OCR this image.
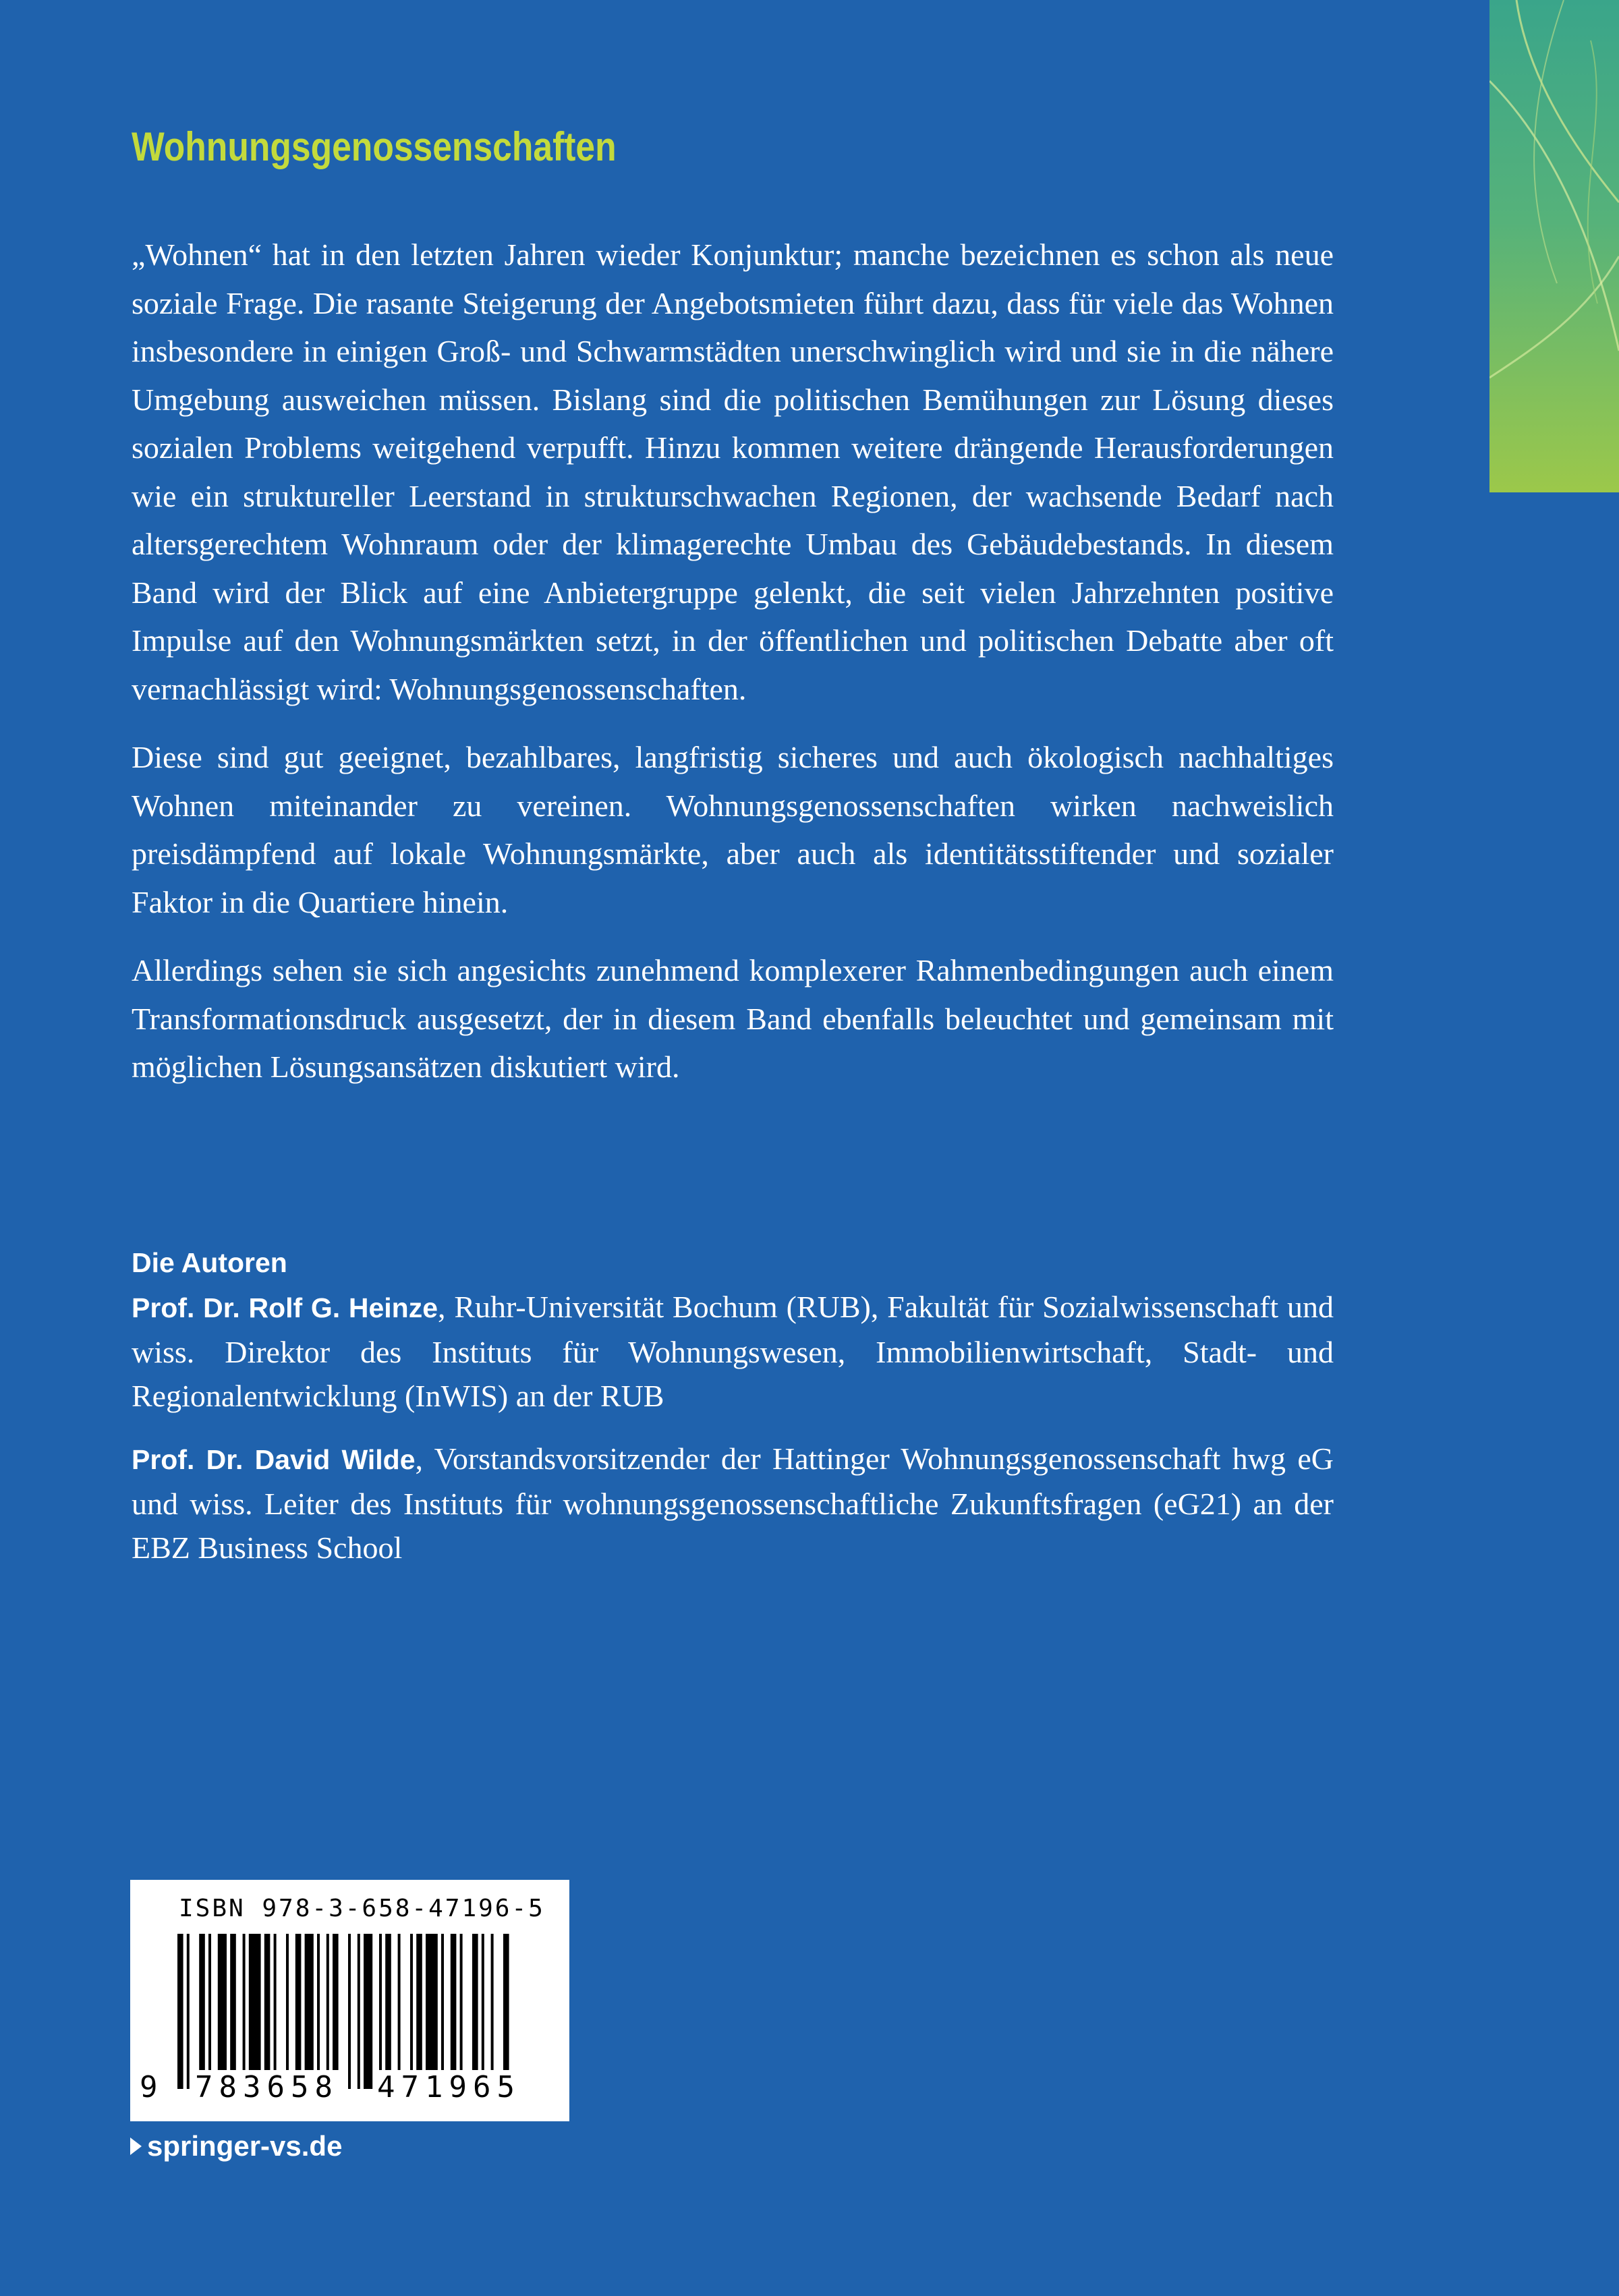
Wohnungsgenossenschaften

„Wohnen“ hat in den letzten Jahren wieder Konjunktur; manche bezeichnen es schon als neue soziale Frage. Die rasante Steigerung der Angebotsmieten führt dazu, dass für viele das Wohnen insbesondere in einigen Groß- und Schwarmstädten unerschwinglich wird und sie in die nähere Umgebung ausweichen müssen. Bislang sind die politischen Bemühungen zur Lösung dieses sozialen Problems weitgehend verpufft. Hinzu kommen weitere drängende Herausforderungen wie ein struktureller Leerstand in strukturschwachen Regionen, der wachsende Bedarf nach altersgerechtem Wohnraum oder der klimagerechte Umbau des Gebäudebestands. In diesem Band wird der Blick auf eine Anbietergruppe gelenkt, die seit vielen Jahrzehnten positive Impulse auf den Wohnungsmärkten setzt, in der öffentlichen und politischen Debatte aber oft vernachlässigt wird: Wohnungsgenossenschaften.

Diese sind gut geeignet, bezahlbares, langfristig sicheres und auch ökologisch nachhaltiges Wohnen miteinander zu vereinen. Wohnungsgenossenschaften wirken nachweislich preisdämpfend auf lokale Wohnungsmärkte, aber auch als identitätsstiftender und sozialer Faktor in die Quartiere hinein.

Allerdings sehen sie sich angesichts zunehmend komplexerer Rahmenbedingungen auch einem Transformationsdruck ausgesetzt, der in diesem Band ebenfalls beleuchtet und gemeinsam mit möglichen Lösungsansätzen diskutiert wird.

Die Autoren

Prof. Dr. Rolf G. Heinze, Ruhr-Universität Bochum (RUB), Fakultät für Sozialwissenschaft und wiss. Direktor des Instituts für Wohnungswesen, Immobilienwirtschaft, Stadt- und Regionalentwicklung (InWIS) an der RUB

Prof. Dr. David Wilde, Vorstandsvorsitzender der Hattinger Wohnungsgenossenschaft hwg eG und wiss. Leiter des Instituts für wohnungsgenossenschaftliche Zukunftsfragen (eG21) an der EBZ Business School

ISBN 978-3-658-47196-5
9 783658 471965
springer-vs.de
